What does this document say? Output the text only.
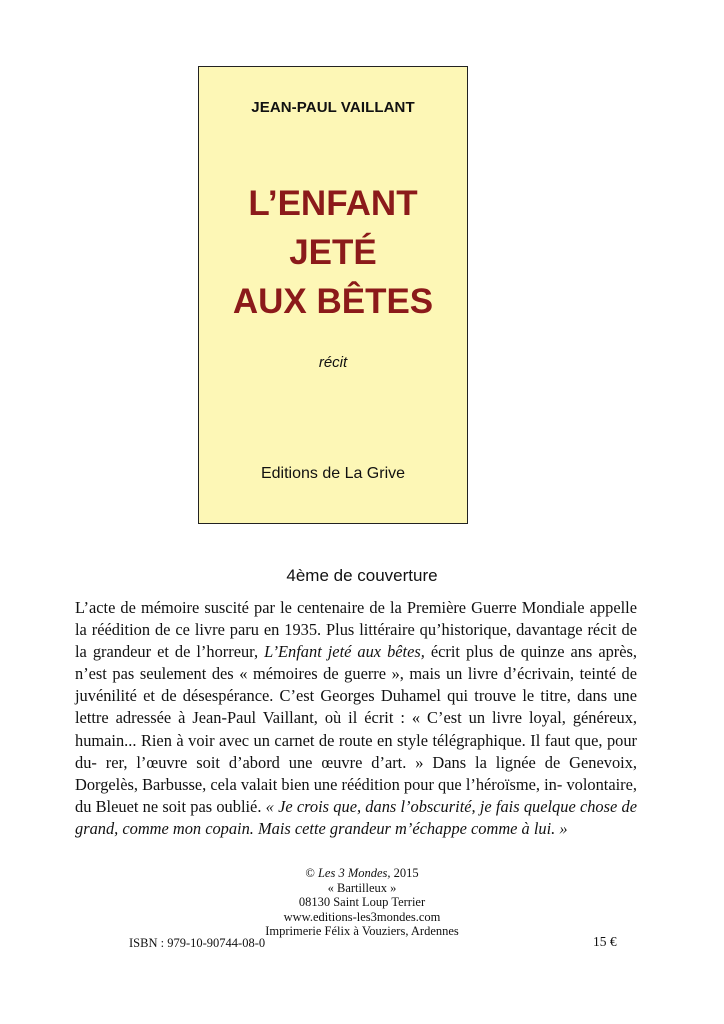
JEAN-PAUL VAILLANT
L’ENFANT
JETÉ
AUX BÊTES
récit
Editions de La Grive
4ème de couverture

L’acte de mémoire suscité par le centenaire de la Première Guerre Mondiale appelle la réédition de ce livre paru en 1935. Plus littéraire qu’historique, davantage récit de la grandeur et de l’horreur, L’Enfant jeté aux bêtes, écrit plus de quinze ans après, n’est pas seulement des « mémoires de guerre », mais un livre d’écrivain, teinté de juvénilité et de désespérance. C’est Georges Duhamel qui trouve le titre, dans une lettre adressée à Jean-Paul Vaillant, où il écrit : « C’est un livre loyal, généreux, humain... Rien à voir avec un carnet de route en style télégraphique. Il faut que, pour du- rer, l’œuvre soit d’abord une œuvre d’art. » Dans la lignée de Genevoix, Dorgelès, Barbusse, cela valait bien une réédition pour que l’héroïsme, in- volontaire, du Bleuet ne soit pas oublié. « Je crois que, dans l’obscurité, je fais quelque chose de grand, comme mon copain. Mais cette grandeur m’échappe comme à lui. »

© Les 3 Mondes, 2015
« Bartilleux »
08130 Saint Loup Terrier
www.editions-les3mondes.com
Imprimerie Félix à Vouziers, Ardennes
ISBN : 979-10-90744-08-0	15 €
